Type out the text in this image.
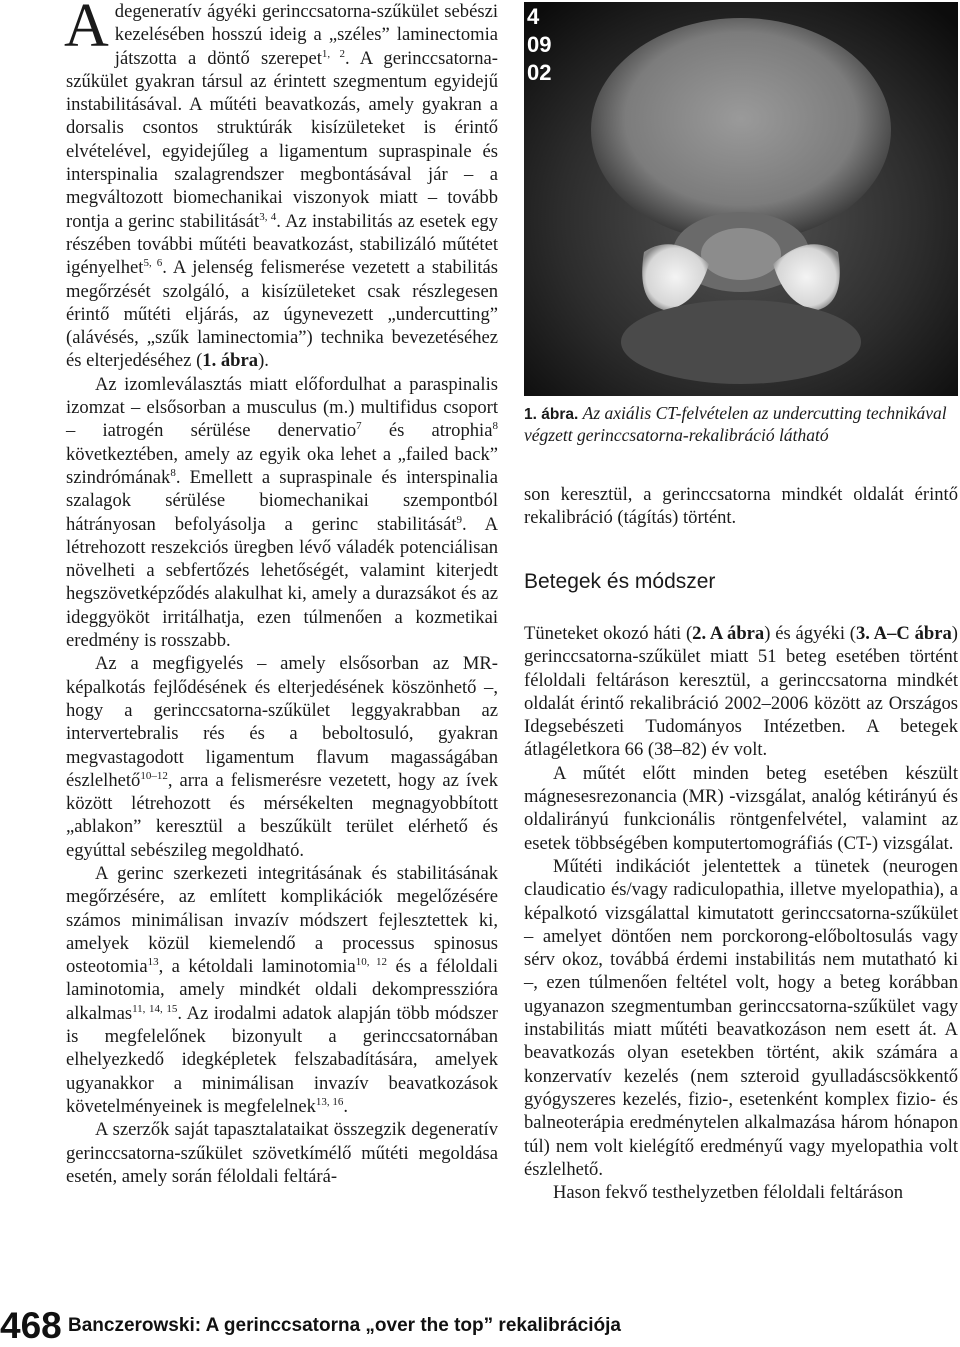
Adegeneratív ágyéki gerinccsatorna-szűkület sebészi kezelésében hosszú ideig a „széles” laminectomia játszotta a döntő szerepet$^{1, 2}$. A gerinccsatorna-szűkület gyakran társul az érintett szegmentum egyidejű instabilitásával. A műtéti beavatkozás, amely gyakran a dorsalis csontos struktúrák kisízületeket is érintő elvételével, egyidejűleg a ligamentum supraspinale és interspinalia szalagrendszer megbontásával jár – a megváltozott biomechanikai viszonyok miatt – tovább rontja a gerinc stabilitását$^{3, 4}$. Az instabilitás az esetek egy részében további műtéti beavatkozást, stabilizáló műtétet igényelhet$^{5, 6}$. A jelenség felismerése vezetett a stabilitás megőrzését szolgáló, a kisízületeket csak részlegesen érintő műtéti eljárás, az úgynevezett „undercutting” (alávésés, „szűk laminectomia”) technika bevezetéséhez és elterjedéséhez (1. ábra).

Az izomleválasztás miatt előfordulhat a paraspinalis izomzat – elsősorban a musculus (m.) multifidus csoport – iatrogén sérülése denervatio$^7$ és atrophia$^8$ következtében, amely az egyik oka lehet a „failed back” szindrómának$^8$. Emellett a supraspinale és interspinalia szalagok sérülése biomechanikai szempontból hátrányosan befolyásolja a gerinc stabilitását$^9$. A létrehozott reszekciós üregben lévő váladék potenciálisan növelheti a sebfertőzés lehetőségét, valamint kiterjedt hegszövetképződés alakulhat ki, amely a durazsákot és az ideggyököt irritálhatja, ezen túlmenően a kozmetikai eredmény is rosszabb.

Az a megfigyelés – amely elsősorban az MR-képalkotás fejlődésének és elterjedésének köszönhető –, hogy a gerinccsatorna-szűkület leggyakrabban az intervertebralis rés és a beboltosuló, gyakran megvastagodott ligamentum flavum magasságában észlelhető$^{10-12}$, arra a felismerésre vezetett, hogy az ívek között létrehozott és mérsékelten megnagyobbított „ablakon” keresztül a beszűkült terület elérhető és egyúttal sebészileg megoldható.

A gerinc szerkezeti integritásának és stabilitásának megőrzésére, az említett komplikációk megelőzésére számos minimálisan invazív módszert fejlesztettek ki, amelyek közül kiemelendő a processus spinosus osteotomia$^{13}$, a kétoldali laminotomia$^{10, 12}$ és a féloldali laminotomia, amely mindkét oldali dekompresszióra alkalmas$^{11, 14, 15}$. Az irodalmi adatok alapján több módszer is megfelelőnek bizonyult a gerinccsatornában elhelyezkedő idegképletek felszabadítására, amelyek ugyanakkor a minimálisan invazív beavatkozások követelményeinek is megfelelnek$^{13, 16}$.

A szerzők saját tapasztalataikat összegzik degeneratív gerinccsatorna-szűkület szövetkímélő műtéti megoldása esetén, amely során féloldali feltárá-

4
09
02
1. ábra. Az axiális CT-felvételen az undercutting technikával végzett gerinccsatorna-rekalibráció látható

son keresztül, a gerinccsatorna mindkét oldalát érintő rekalibráció (tágítás) történt.

Betegek és módszer

Tüneteket okozó háti (2. A ábra) és ágyéki (3. A–C ábra) gerinccsatorna-szűkület miatt 51 beteg esetében történt féloldali feltáráson keresztül, a gerinccsatorna mindkét oldalát érintő rekalibráció 2002–2006 között az Országos Idegsebészeti Tudományos Intézetben. A betegek átlagéletkora 66 (38–82) év volt.

A műtét előtt minden beteg esetében készült mágnesesrezonancia (MR) -vizsgálat, analóg kétirányú és oldalirányú funkcionális röntgenfelvétel, valamint az esetek többségében komputertomográfiás (CT-) vizsgálat.

Műtéti indikációt jelentettek a tünetek (neurogen claudicatio és/vagy radiculopathia, illetve myelopathia), a képalkotó vizsgálattal kimutatott gerinccsatorna-szűkület – amelyet döntően nem porckorong-előboltosulás vagy sérv okoz, továbbá érdemi instabilitás nem mutatható ki –, ezen túlmenően feltétel volt, hogy a beteg korábban ugyanazon szegmentumban gerinccsatorna-szűkület vagy instabilitás miatt műtéti beavatkozáson nem esett át. A beavatkozás olyan esetekben történt, akik számára a konzervatív kezelés (nem szteroid gyulladáscsökkentő gyógyszeres kezelés, fizio-, esetenként komplex fizio- és balneoterápia eredménytelen alkalmazása három hónapon túl) nem volt kielégítő eredményű vagy myelopathia volt észlelhető.

Hason fekvő testhelyzetben féloldali feltáráson

468 Banczerowski: A gerinccsatorna „over the top” rekalibrációja
